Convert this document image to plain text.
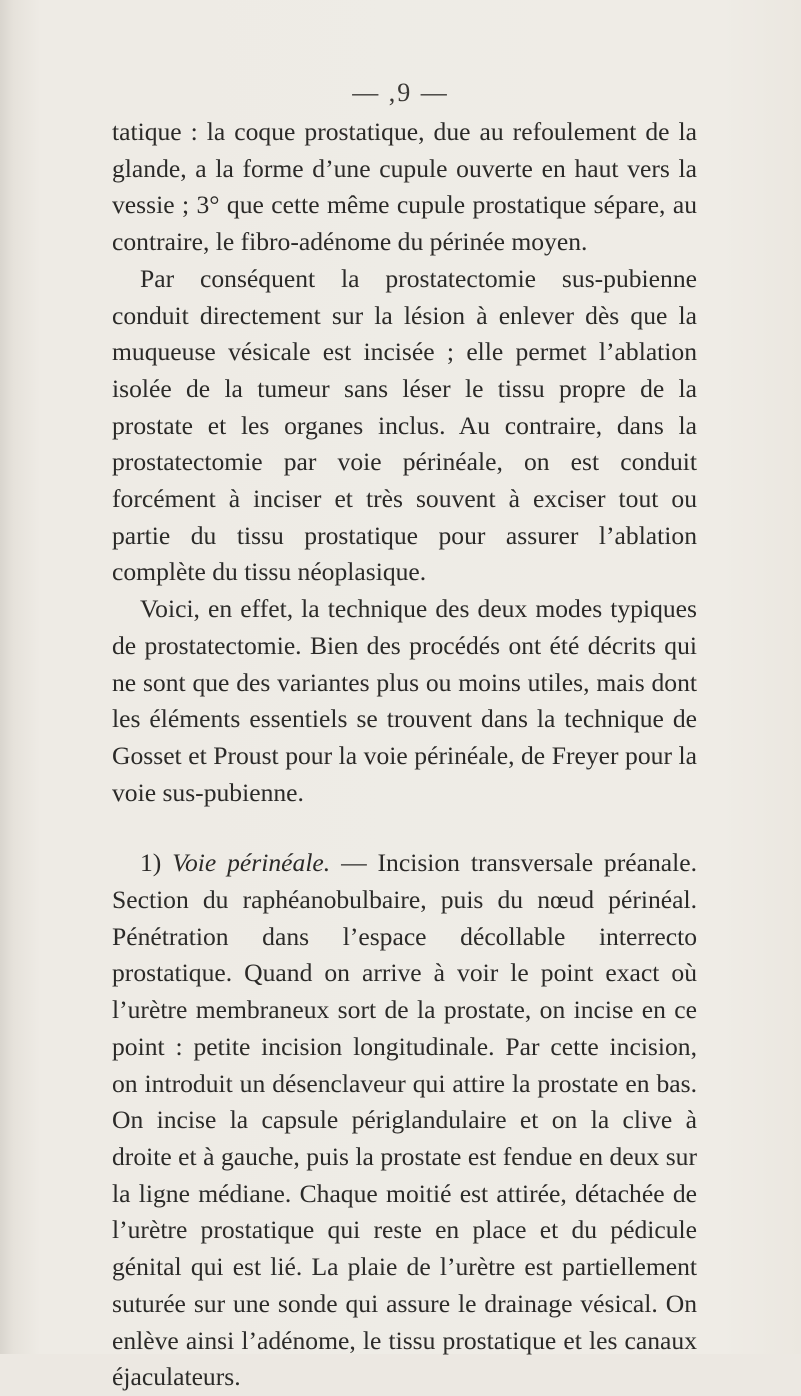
— ,9 —

tatique : la coque prostatique, due au refoulement de la glande, a la forme d’une cupule ouverte en haut vers la vessie ; 3° que cette même cupule prostatique sépare, au contraire, le fibro-adénome du périnée moyen.

Par conséquent la prostatectomie sus-pubienne conduit directement sur la lésion à enlever dès que la muqueuse vésicale est incisée ; elle permet l’ablation isolée de la tumeur sans léser le tissu propre de la prostate et les organes inclus. Au contraire, dans la prostatectomie par voie périnéale, on est conduit forcément à inciser et très souvent à exciser tout ou partie du tissu prostatique pour assurer l’ablation complète du tissu néoplasique.

Voici, en effet, la technique des deux modes typiques de prostatectomie. Bien des procédés ont été décrits qui ne sont que des variantes plus ou moins utiles, mais dont les éléments essentiels se trouvent dans la technique de Gosset et Proust pour la voie périnéale, de Freyer pour la voie sus-pubienne.

1) Voie périnéale. — Incision transversale préanale. Section du raphéanobulbaire, puis du nœud périnéal. Pénétration dans l’espace décollable interrecto prostatique. Quand on arrive à voir le point exact où l’urètre membraneux sort de la prostate, on incise en ce point : petite incision longitudinale. Par cette incision, on introduit un désenclaveur qui attire la prostate en bas. On incise la capsule périglandulaire et on la clive à droite et à gauche, puis la prostate est fendue en deux sur la ligne médiane. Chaque moitié est attirée, détachée de l’urètre prostatique qui reste en place et du pédicule génital qui est lié. La plaie de l’urètre est partiellement suturée sur une sonde qui assure le drainage vésical. On enlève ainsi l’adénome, le tissu prostatique et les canaux éjaculateurs.
